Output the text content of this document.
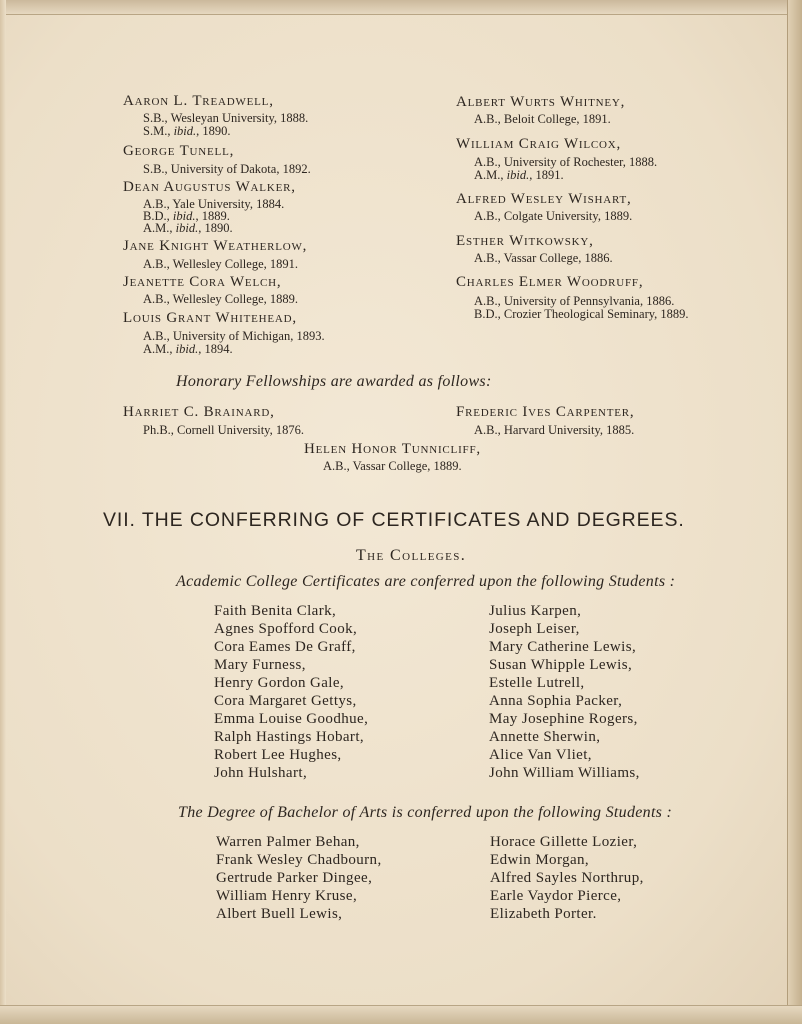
Aaron L. Treadwell,
S.B., Wesleyan University, 1888.
S.M., ibid., 1890.
George Tunell,
S.B., University of Dakota, 1892.
Dean Augustus Walker,
A.B., Yale University, 1884.
B.D., ibid., 1889.
A.M., ibid., 1890.
Jane Knight Weatherlow,
A.B., Wellesley College, 1891.
Jeanette Cora Welch,
A.B., Wellesley College, 1889.
Louis Grant Whitehead,
A.B., University of Michigan, 1893.
A.M., ibid., 1894.
Albert Wurts Whitney,
A.B., Beloit College, 1891.
William Craig Wilcox,
A.B., University of Rochester, 1888.
A.M., ibid., 1891.
Alfred Wesley Wishart,
A.B., Colgate University, 1889.
Esther Witkowsky,
A.B., Vassar College, 1886.
Charles Elmer Woodruff,
A.B., University of Pennsylvania, 1886.
B.D., Crozier Theological Seminary, 1889.
Honorary Fellowships are awarded as follows:
Harriet C. Brainard,
Ph.B., Cornell University, 1876.
Frederic Ives Carpenter,
A.B., Harvard University, 1885.
Helen Honor Tunnicliff,
A.B., Vassar College, 1889.
VII. THE CONFERRING OF CERTIFICATES AND DEGREES.
The Colleges.
Academic College Certificates are conferred upon the following Students :
Faith Benita Clark,
Agnes Spofford Cook,
Cora Eames De Graff,
Mary Furness,
Henry Gordon Gale,
Cora Margaret Gettys,
Emma Louise Goodhue,
Ralph Hastings Hobart,
Robert Lee Hughes,
John Hulshart,
Julius Karpen,
Joseph Leiser,
Mary Catherine Lewis,
Susan Whipple Lewis,
Estelle Lutrell,
Anna Sophia Packer,
May Josephine Rogers,
Annette Sherwin,
Alice Van Vliet,
John William Williams,
The Degree of Bachelor of Arts is conferred upon the following Students :
Warren Palmer Behan,
Frank Wesley Chadbourn,
Gertrude Parker Dingee,
William Henry Kruse,
Albert Buell Lewis,
Horace Gillette Lozier,
Edwin Morgan,
Alfred Sayles Northrup,
Earle Vaydor Pierce,
Elizabeth Porter.
